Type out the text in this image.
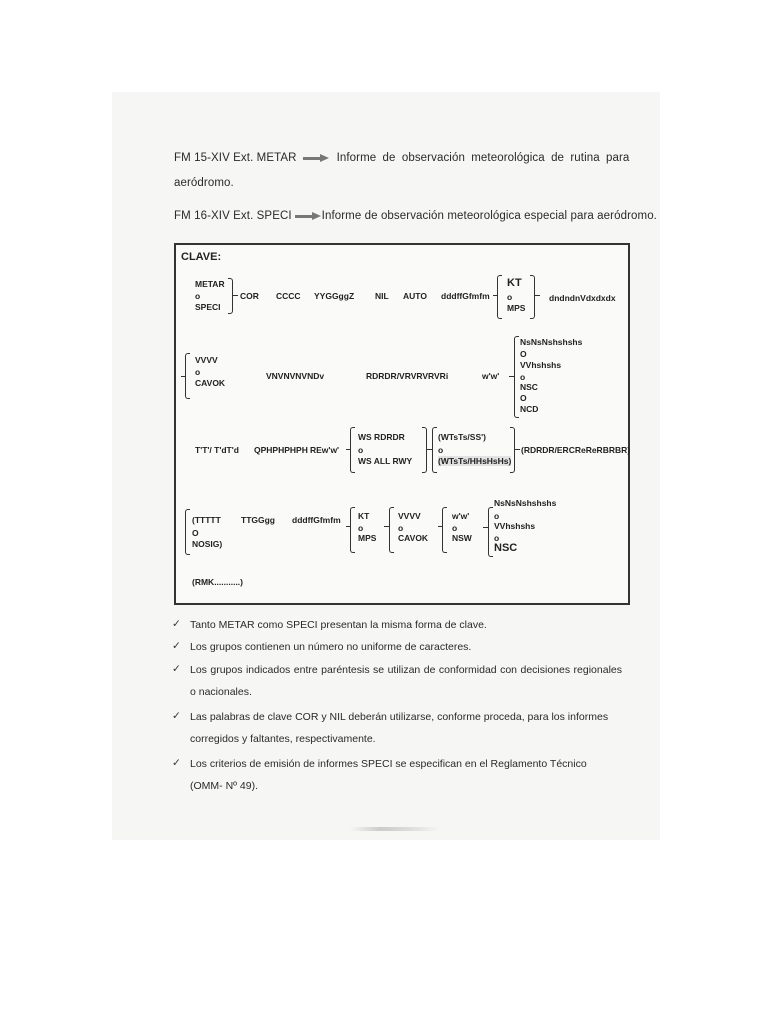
FM 15-XIV Ext. METAR	Informe de observación meteorológica de rutina para
aeródromo.
FM 16-XIV Ext. SPECI	Informe de observación meteorológica especial para aeródromo.
CLAVE:
METAR
o
SPECI
COR CCCC YYGGggZ NIL AUTO dddffGfmfm
KT
o
MPS
dndndnVdxdxdx
NsNsNshshshs
O
VVhshshs
o
NSC
O
NCD
VVVV
o
CAVOK
VNVNVNVNDv	RDRDR/VRVRVRVRi	w'w'
T'T'/ T'dT'd QPHPHPHPH REw'w'
WS RDRDR
o
WS ALL RWY
(WTsTs/SS')
o
(WTsTs/HHsHsHs)
(RDRDR/ERCReReRBRBR)
NsNsNshshshs
o
VVhshshs
o
NSC
(TTTTT
O
NOSIG)
TTGGgg dddffGfmfm KT
o
MPS
VVVV
o
CAVOK
w'w'
o
NSW
(RMK...........)
✓ Tanto METAR como SPECI presentan la misma forma de clave.
✓ Los grupos contienen un número no uniforme de caracteres.
✓ Los grupos indicados entre paréntesis se utilizan de conformidad con decisiones regionales o nacionales.
✓ Las palabras de clave COR y NIL deberán utilizarse, conforme proceda, para los informes corregidos y faltantes, respectivamente.
✓ Los criterios de emisión de informes SPECI se especifican en el Reglamento Técnico (OMM- Nº 49).
